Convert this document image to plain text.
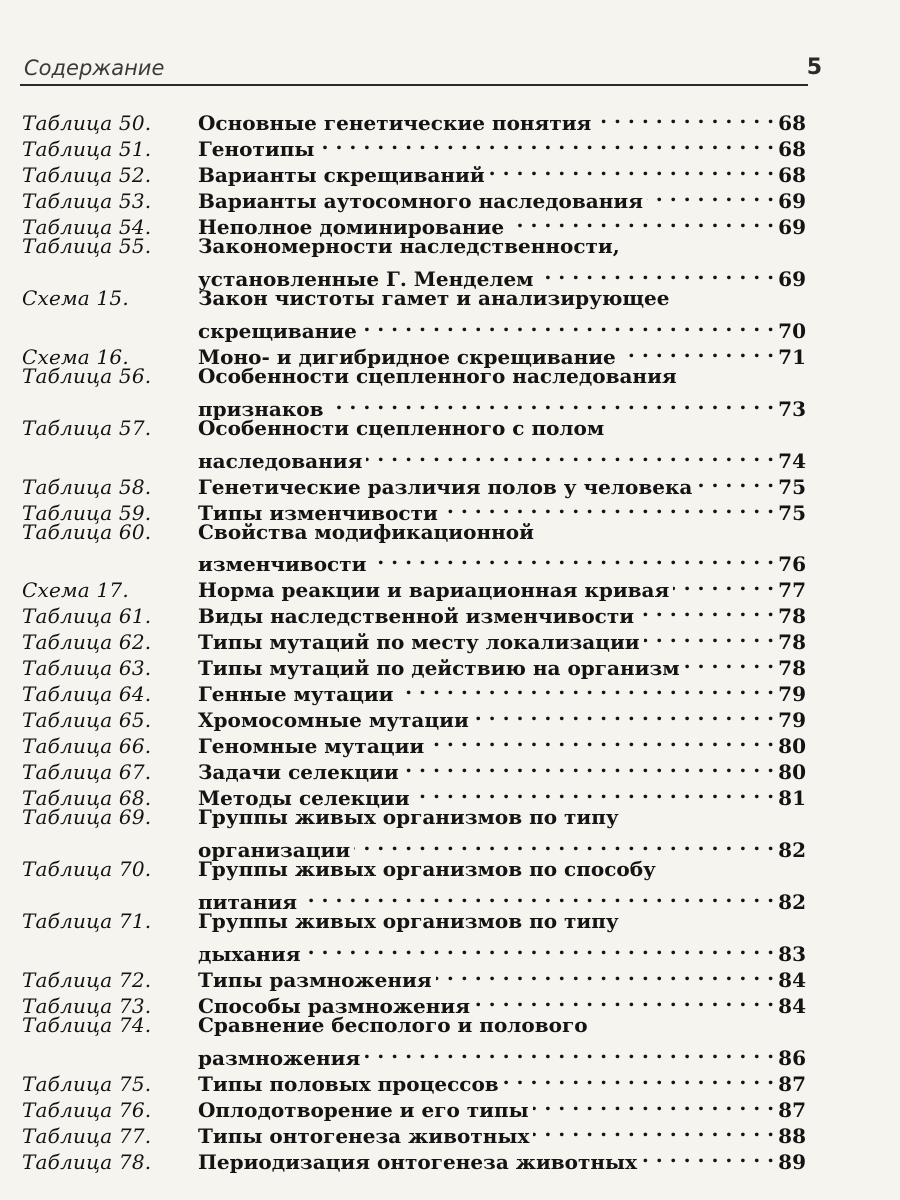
Содержание	5
Таблица 50.	Основные генетические понятия . . .	68
Таблица 51.	Генотипы . . .	68
Таблица 52.	Варианты скрещиваний . . .	68
Таблица 53.	Варианты аутосомного наследования . . .	69
Таблица 54.	Неполное доминирование . . .	69
Таблица 55.	Закономерности наследственности,
установленные Г. Менделем . . .	69
Схема 15.	Закон чистоты гамет и анализирующее
скрещивание . . .	70
Схема 16.	Моно- и дигибридное скрещивание . . .	71
Таблица 56.	Особенности сцепленного наследования
признаков . . .	73
Таблица 57.	Особенности сцепленного с полом
наследования . . .	74
Таблица 58.	Генетические различия полов у человека . . .	75
Таблица 59.	Типы изменчивости . . .	75
Таблица 60.	Свойства модификационной
изменчивости . . .	76
Схема 17.	Норма реакции и вариационная кривая . . .	77
Таблица 61.	Виды наследственной изменчивости . . .	78
Таблица 62.	Типы мутаций по месту локализации . . .	78
Таблица 63.	Типы мутаций по действию на организм . . .	78
Таблица 64.	Генные мутации . . .	79
Таблица 65.	Хромосомные мутации . . .	79
Таблица 66.	Геномные мутации . . .	80
Таблица 67.	Задачи селекции . . .	80
Таблица 68.	Методы селекции . . .	81
Таблица 69.	Группы живых организмов по типу
организации . . .	82
Таблица 70.	Группы живых организмов по способу
питания . . .	82
Таблица 71.	Группы живых организмов по типу
дыхания . . .	83
Таблица 72.	Типы размножения . . .	84
Таблица 73.	Способы размножения . . .	84
Таблица 74.	Сравнение бесполого и полового
размножения . . .	86
Таблица 75.	Типы половых процессов . . .	87
Таблица 76.	Оплодотворение и его типы . . .	87
Таблица 77.	Типы онтогенеза животных . . .	88
Таблица 78.	Периодизация онтогенеза животных . . .	89
